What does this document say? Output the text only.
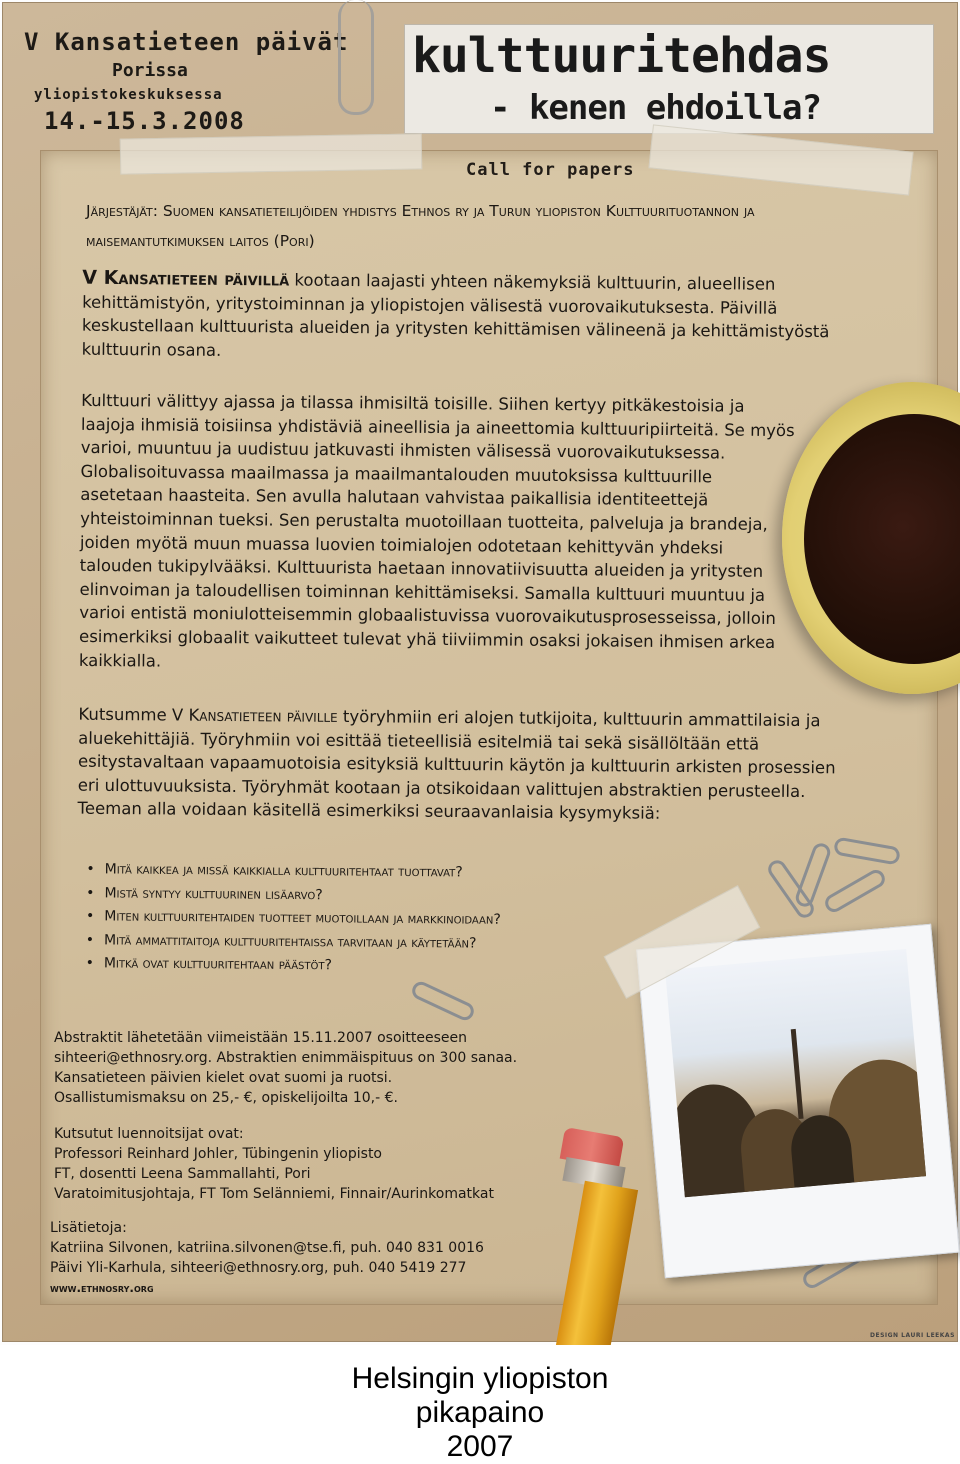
V Kansatieteen päivät
Porissa
yliopistokeskuksessa
14.-15.3.2008
kulttuuritehdas
- kenen ehdoilla?
Call for papers
Järjestäjät: Suomen kansatieteilijöiden yhdistys Ethnos ry ja Turun yliopiston Kulttuurituotannon ja maisemantutkimuksen laitos (Pori)
V Kansatieteen päivillä kootaan laajasti yhteen näkemyksiä kulttuurin, alueellisen kehittämistyön, yritystoiminnan ja yliopistojen välisestä vuorovaikutuksesta. Päivillä keskustellaan kulttuurista alueiden ja yritysten kehittämisen välineenä ja kehittämistyöstä kulttuurin osana.
Kulttuuri välittyy ajassa ja tilassa ihmisiltä toisille. Siihen kertyy pitkäkestoisia ja laajoja ihmisiä toisiinsa yhdistäviä aineellisia ja aineettomia kulttuuripiirteitä. Se myös varioi, muuntuu ja uudistuu jatkuvasti ihmisten välisessä vuorovaikutuksessa. Globalisoituvassa maailmassa ja maailmantalouden muutoksissa kulttuurille asetetaan haasteita. Sen avulla halutaan vahvistaa paikallisia identiteettejä yhteistoiminnan tueksi. Sen perustalta muotoillaan tuotteita, palveluja ja brandeja, joiden myötä muun muassa luovien toimialojen odotetaan kehittyvän yhdeksi talouden tukipylvääksi. Kulttuurista haetaan innovatiivisuutta alueiden ja yritysten elinvoiman ja taloudellisen toiminnan kehittämiseksi. Samalla kulttuuri muuntuu ja varioi entistä moniulotteisemmin globaalistuvissa vuorovaikutusprosesseissa, jolloin esimerkiksi globaalit vaikutteet tulevat yhä tiiviimmin osaksi jokaisen ihmisen arkea kaikkialla.
Kutsumme V Kansatieteen päiville työryhmiin eri alojen tutkijoita, kulttuurin ammattilaisia ja aluekehittäjiä. Työryhmiin voi esittää tieteellisiä esitelmiä tai sekä sisällöltään että esitystavaltaan vapaamuotoisia esityksiä kulttuurin käytön ja kulttuurin arkisten prosessien eri ulottuvuuksista. Työryhmät kootaan ja otsikoidaan valittujen abstraktien perusteella. Teeman alla voidaan käsitellä esimerkiksi seuraavanlaisia kysymyksiä:
• Mitä kaikkea ja missä kaikkialla kulttuuritehtaat tuottavat?
• Mistä syntyy kulttuurinen lisäarvo?
• Miten kulttuuritehtaiden tuotteet muotoillaan ja markkinoidaan?
• Mitä ammattitaitoja kulttuuritehtaissa tarvitaan ja käytetään?
• Mitkä ovat kulttuuritehtaan päästöt?
Abstraktit lähetetään viimeistään 15.11.2007 osoitteeseen
sihteeri@ethnosry.org. Abstraktien enimmäispituus on 300 sanaa.
Kansatieteen päivien kielet ovat suomi ja ruotsi.
Osallistumismaksu on 25,- €, opiskelijoilta 10,- €.
Kutsutut luennoitsijat ovat:
Professori Reinhard Johler, Tübingenin yliopisto
FT, dosentti Leena Sammallahti, Pori
Varatoimitusjohtaja, FT Tom Selänniemi, Finnair/Aurinkomatkat
Lisätietoja:
Katriina Silvonen, katriina.silvonen@tse.fi, puh. 040 831 0016
Päivi Yli-Karhula, sihteeri@ethnosry.org, puh. 040 5419 277
www.ethnosry.org
DESIGN LAURI LEEKAS
Helsingin yliopiston
pikapaino
2007
